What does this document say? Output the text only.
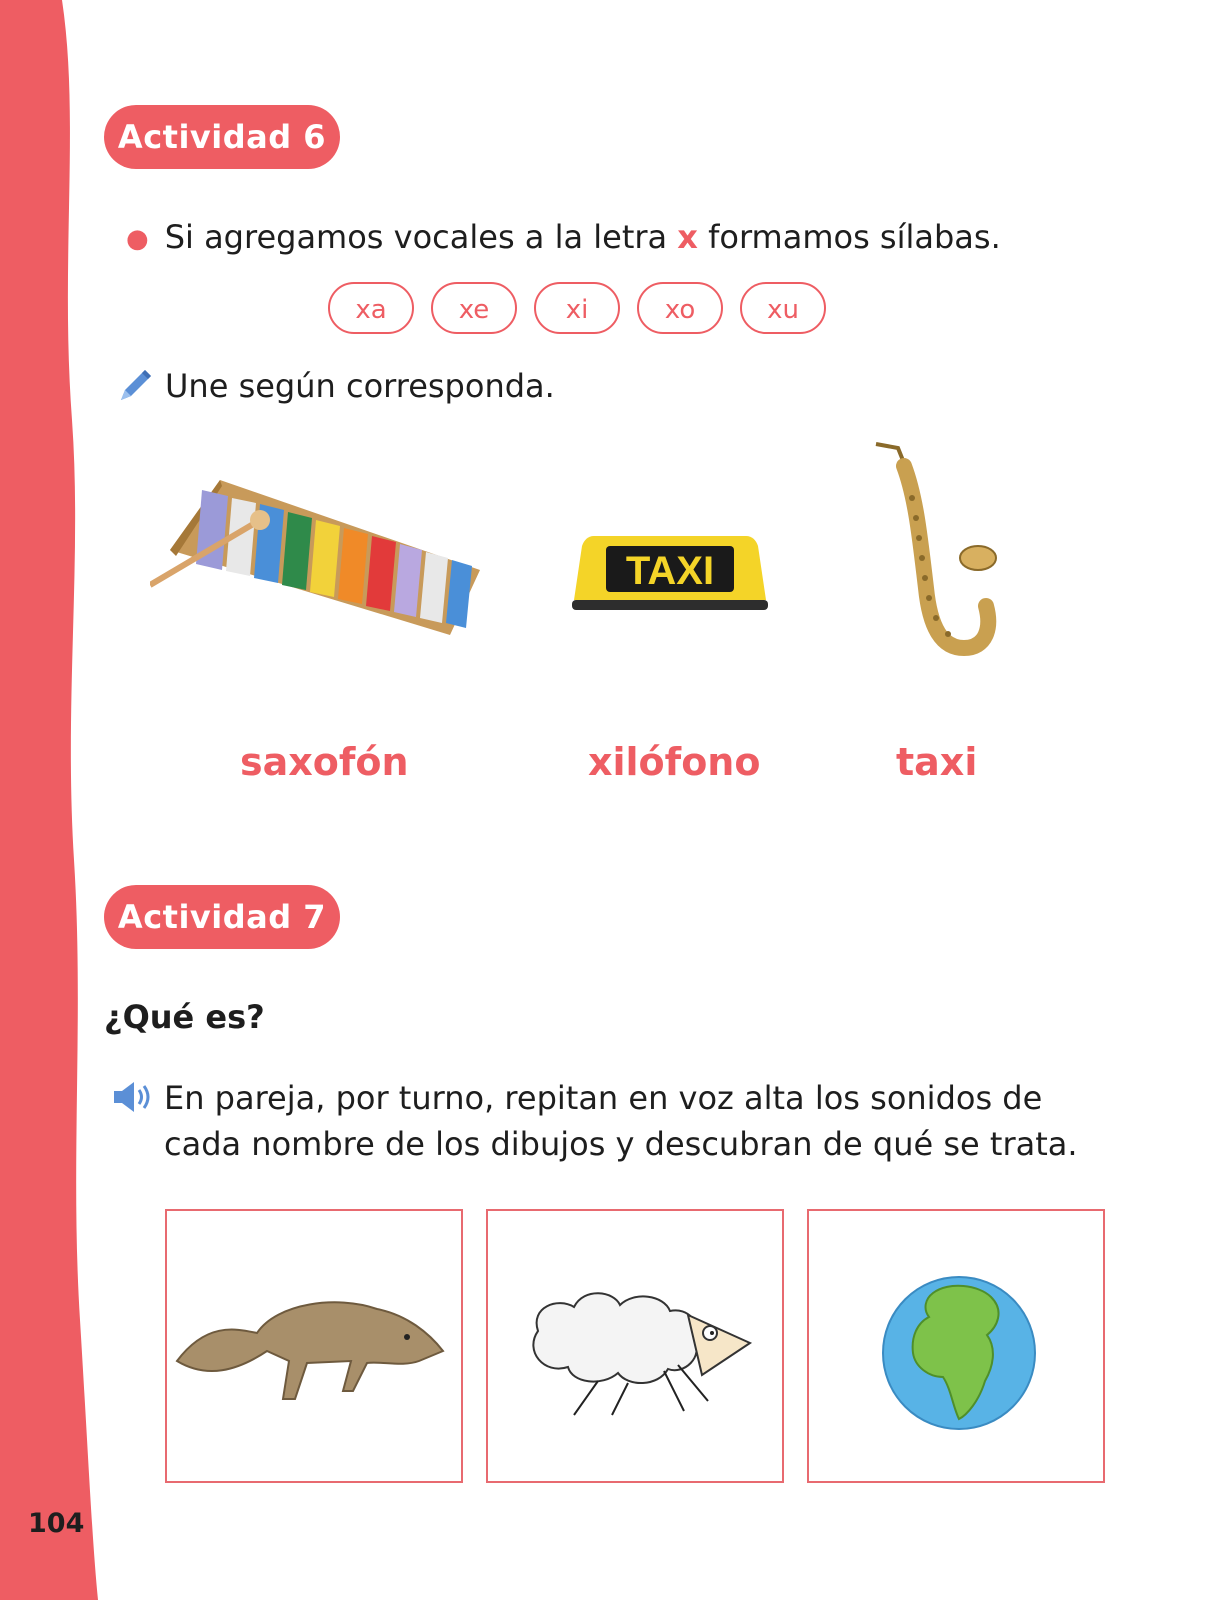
104
Actividad 6
● Si agregamos vocales a la letra x formamos sílabas.
xa	xe	xi	xo	xu
Une según corresponda.
TAXI
saxofón	xilófono	taxi
Actividad 7
¿Qué es?
En pareja, por turno, repitan en voz alta los sonidos de
cada nombre de los dibujos y descubran de qué se trata.
